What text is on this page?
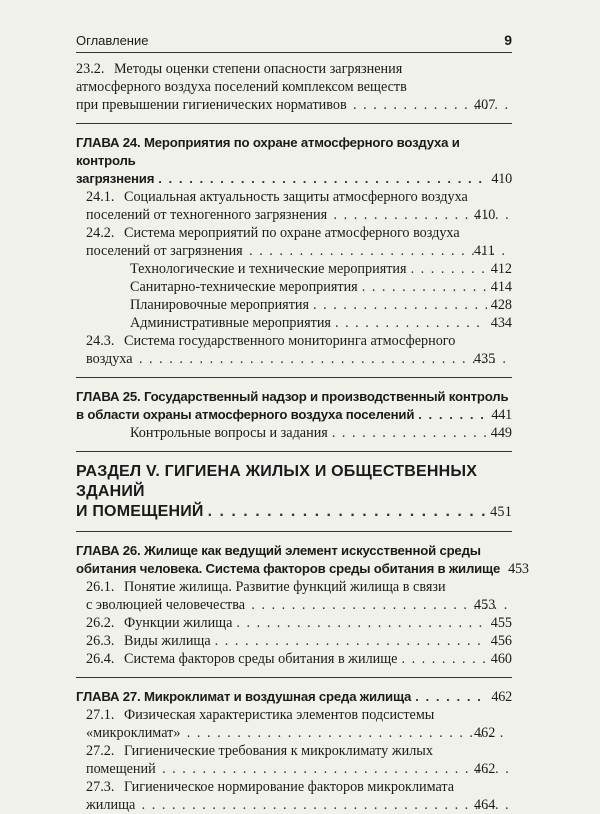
Оглавление	9
23.2. Методы оценки степени опасности загрязнения
атмосферного воздуха поселений комплексом веществ
при превышении гигиенических нормативов . . .	407
ГЛАВА 24. Мероприятия по охране атмосферного воздуха и контроль
загрязнения . . .	410
24.1. Социальная актуальность защиты атмосферного воздуха
поселений от техногенного загрязнения . . .	410
24.2. Система мероприятий по охране атмосферного воздуха
поселений от загрязнения . . .	411
Технологические и технические мероприятия . . .	412
Санитарно-технические мероприятия . . .	414
Планировочные мероприятия . . .	428
Административные мероприятия . . .	434
24.3. Система государственного мониторинга атмосферного
воздуха . . .	435
ГЛАВА 25. Государственный надзор и производственный контроль
в области охраны атмосферного воздуха поселений . . .	441
Контрольные вопросы и задания . . .	449
РАЗДЕЛ V. ГИГИЕНА ЖИЛЫХ И ОБЩЕСТВЕННЫХ ЗДАНИЙ
И ПОМЕЩЕНИЙ . . .	451
ГЛАВА 26. Жилище как ведущий элемент искусственной среды
обитания человека. Система факторов среды обитания в жилище 453
26.1. Понятие жилища. Развитие функций жилища в связи
с эволюцией человечества . . .	453
26.2. Функции жилища . . .	455
26.3. Виды жилища . . .	456
26.4. Система факторов среды обитания в жилище . . .	460
ГЛАВА 27. Микроклимат и воздушная среда жилища . . .	462
27.1. Физическая характеристика элементов подсистемы
«микроклимат» . . .	462
27.2. Гигиенические требования к микроклимату жилых
помещений . . .	462
27.3. Гигиеническое нормирование факторов микроклимата
жилища . . .	464
